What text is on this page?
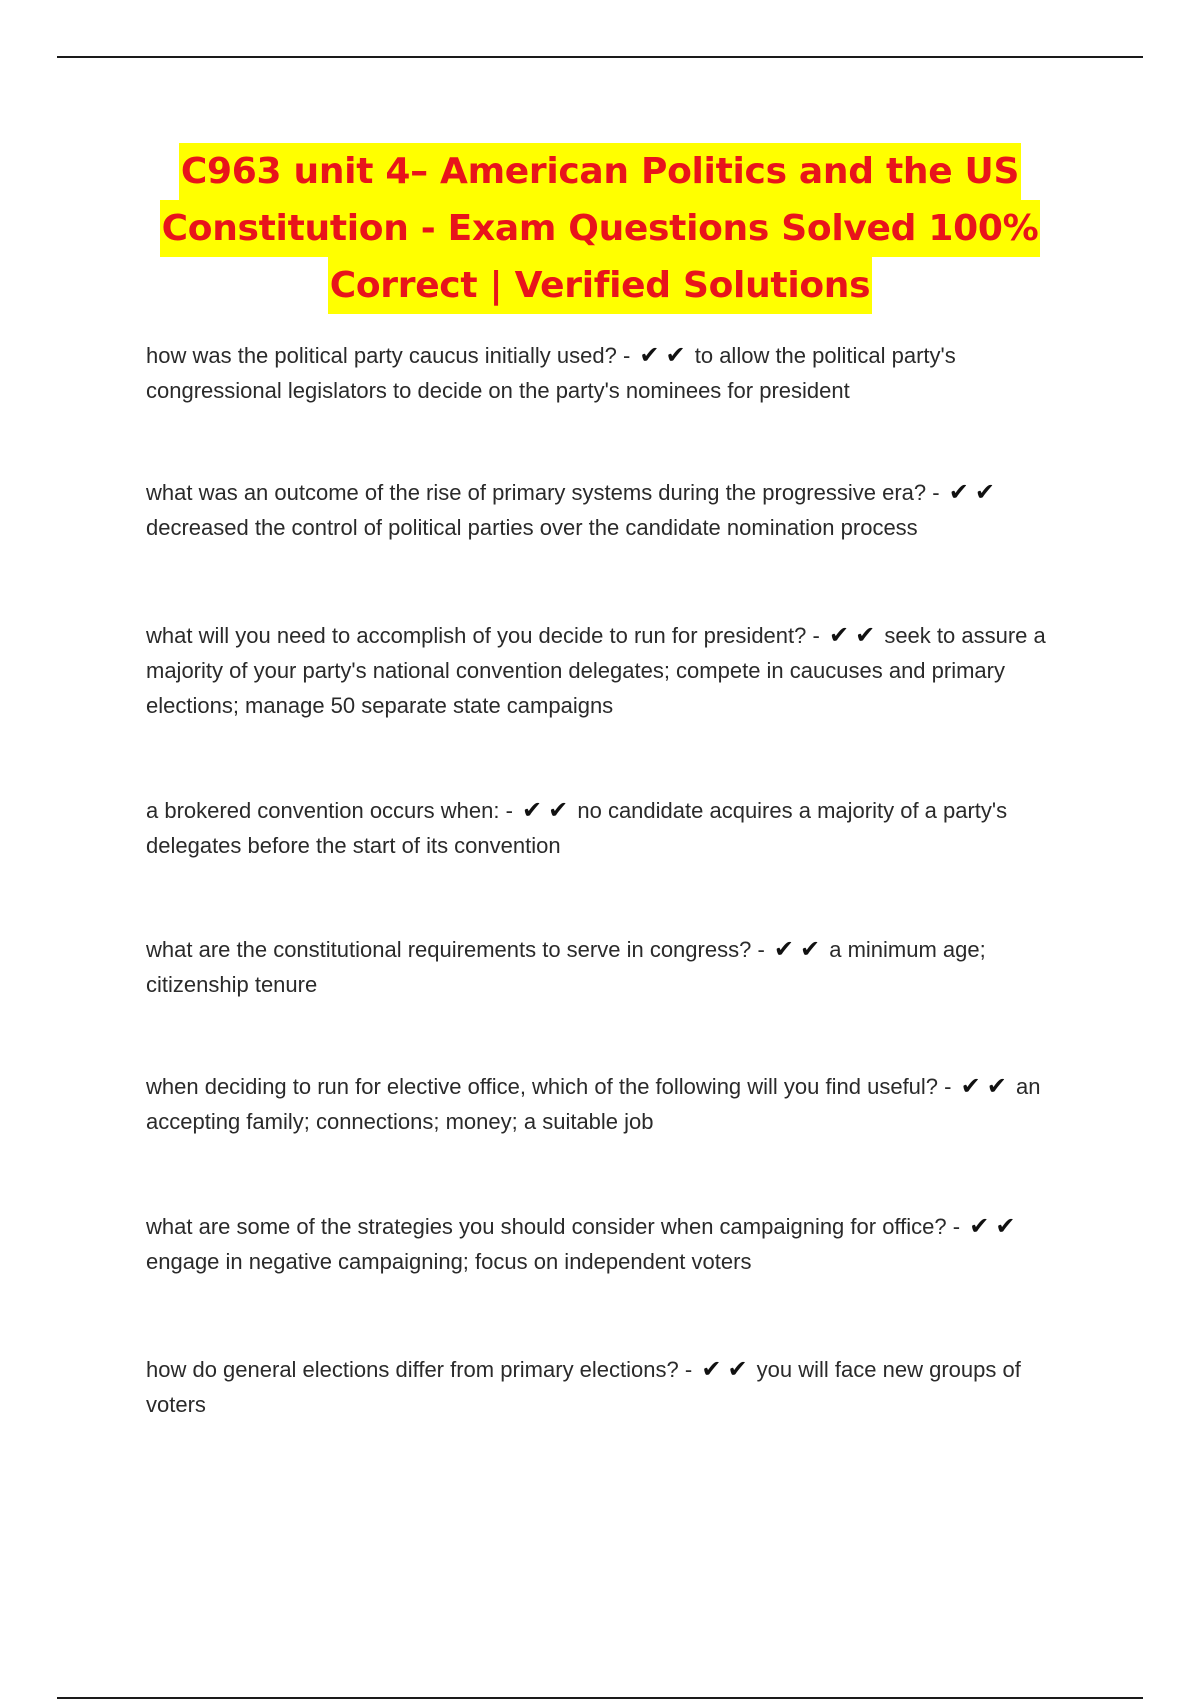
C963 unit 4– American Politics and the US
Constitution - Exam Questions Solved 100%
Correct | Verified Solutions
how was the political party caucus initially used? - ✔ ✔ to allow the political party's congressional legislators to decide on the party's nominees for president
what was an outcome of the rise of primary systems during the progressive era? - ✔ ✔ decreased the control of political parties over the candidate nomination process
what will you need to accomplish of you decide to run for president? - ✔ ✔ seek to assure a majority of your party's national convention delegates; compete in caucuses and primary elections; manage 50 separate state campaigns
a brokered convention occurs when: - ✔ ✔ no candidate acquires a majority of a party's delegates before the start of its convention
what are the constitutional requirements to serve in congress? - ✔ ✔ a minimum age; citizenship tenure
when deciding to run for elective office, which of the following will you find useful? - ✔ ✔ an accepting family; connections; money; a suitable job
what are some of the strategies you should consider when campaigning for office? - ✔ ✔ engage in negative campaigning; focus on independent voters
how do general elections differ from primary elections? - ✔ ✔ you will face new groups of voters
